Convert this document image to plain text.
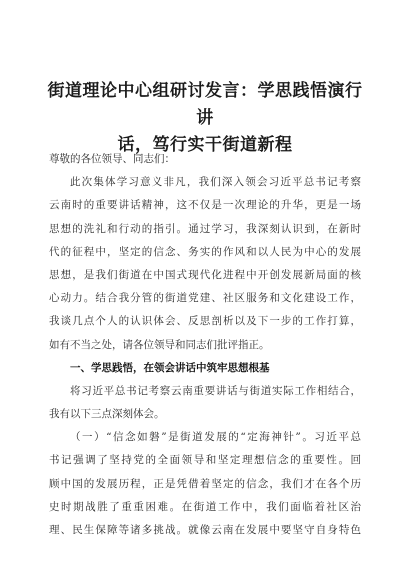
街道理论中心组研讨发言：学思践悟演行讲
话，笃行实干街道新程
尊敬的各位领导、同志们：
此次集体学习意义非凡，我们深入领会习近平总书记考察
云南时的重要讲话精神，这不仅是一次理论的升华，更是一场
思想的洗礼和行动的指引。通过学习，我深刻认识到，在新时
代的征程中，坚定的信念、务实的作风和以人民为中心的发展
思想，是我们街道在中国式现代化进程中开创发展新局面的核
心动力。结合我分管的街道党建、社区服务和文化建设工作，
我谈几点个人的认识体会、反思剖析以及下一步的工作打算，
如有不当之处，请各位领导和同志们批评指正。
一、学思践悟，在领会讲话中筑牢思想根基
将习近平总书记考察云南重要讲话与街道实际工作相结合，
我有以下三点深刻体会。
（一）“信念如磐”是街道发展的“定海神针”。习近平总
书记强调了坚持党的全面领导和坚定理想信念的重要性。回
顾中国的发展历程，正是凭借着坚定的信念，我们才在各个历
史时期战胜了重重困难。在街道工作中，我们面临着社区治
理、民生保障等诸多挑战。就像云南在发展中要坚守自身特色
